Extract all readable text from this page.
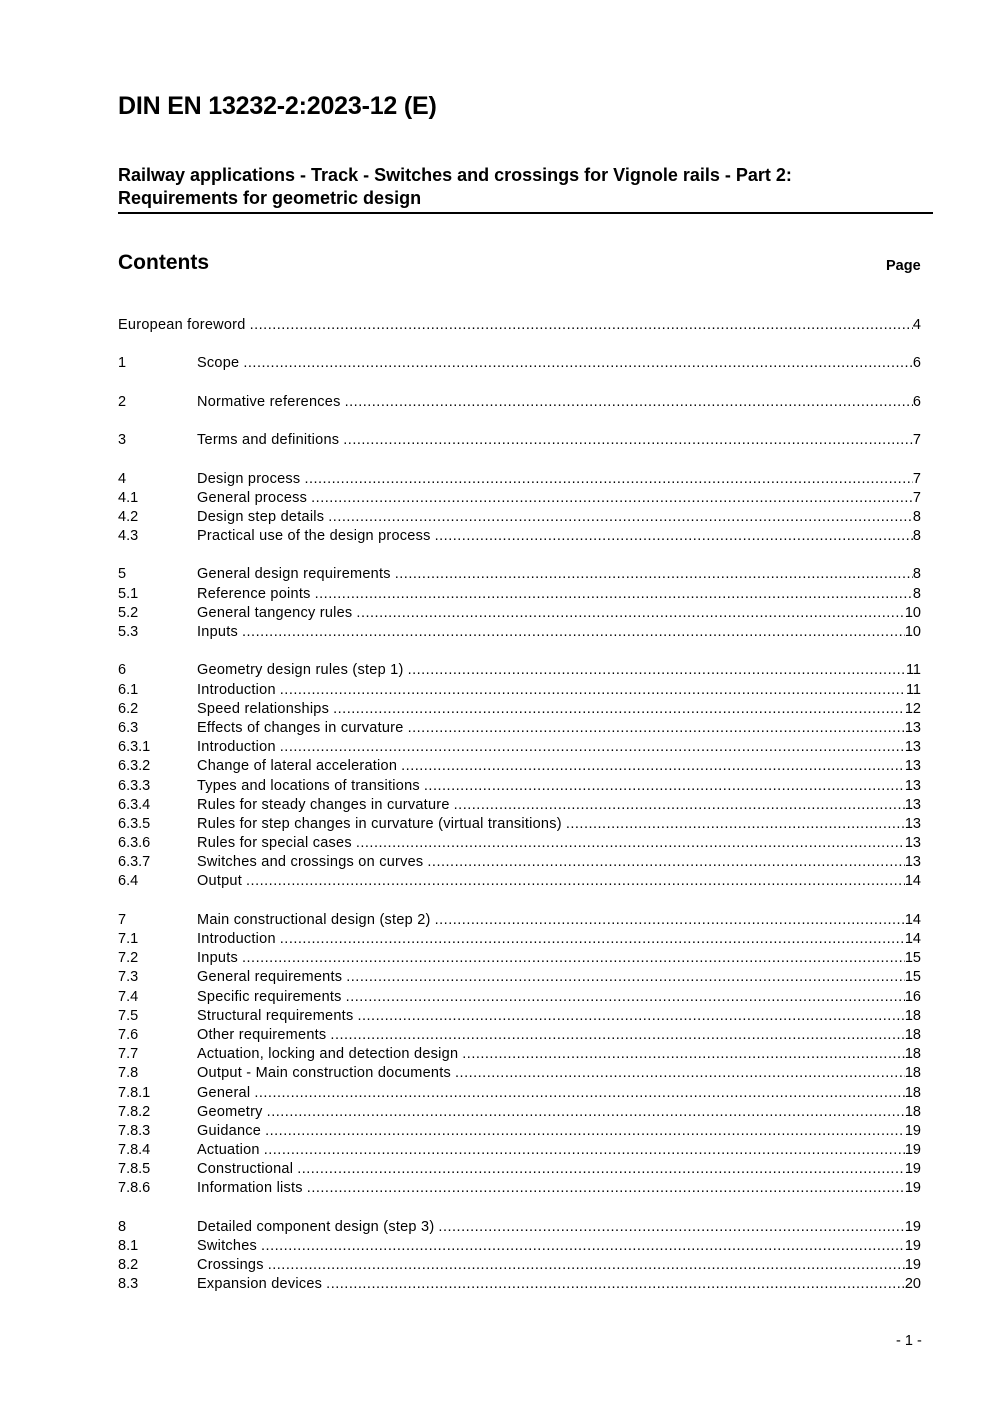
DIN EN 13232-2:2023-12 (E)
Railway applications - Track - Switches and crossings for Vignole rails - Part 2:
Requirements for geometric design
Contents	Page
European foreword .....	4
1	Scope .....	6
2	Normative references .....	6
3	Terms and definitions .....	7
4	Design process .....	7
4.1	General process .....	7
4.2	Design step details .....	8
4.3	Practical use of the design process .....	8
5	General design requirements .....	8
5.1	Reference points .....	8
5.2	General tangency rules .....	10
5.3	Inputs .....	10
6	Geometry design rules (step 1) .....	11
6.1	Introduction .....	11
6.2	Speed relationships .....	12
6.3	Effects of changes in curvature .....	13
6.3.1	Introduction .....	13
6.3.2	Change of lateral acceleration .....	13
6.3.3	Types and locations of transitions .....	13
6.3.4	Rules for steady changes in curvature .....	13
6.3.5	Rules for step changes in curvature (virtual transitions) .....	13
6.3.6	Rules for special cases .....	13
6.3.7	Switches and crossings on curves .....	13
6.4	Output .....	14
7	Main constructional design (step 2) .....	14
7.1	Introduction .....	14
7.2	Inputs .....	15
7.3	General requirements .....	15
7.4	Specific requirements .....	16
7.5	Structural requirements .....	18
7.6	Other requirements .....	18
7.7	Actuation, locking and detection design .....	18
7.8	Output - Main construction documents .....	18
7.8.1	General .....	18
7.8.2	Geometry .....	18
7.8.3	Guidance .....	19
7.8.4	Actuation .....	19
7.8.5	Constructional .....	19
7.8.6	Information lists .....	19
8	Detailed component design (step 3) .....	19
8.1	Switches .....	19
8.2	Crossings .....	19
8.3	Expansion devices .....	20
- 1 -
